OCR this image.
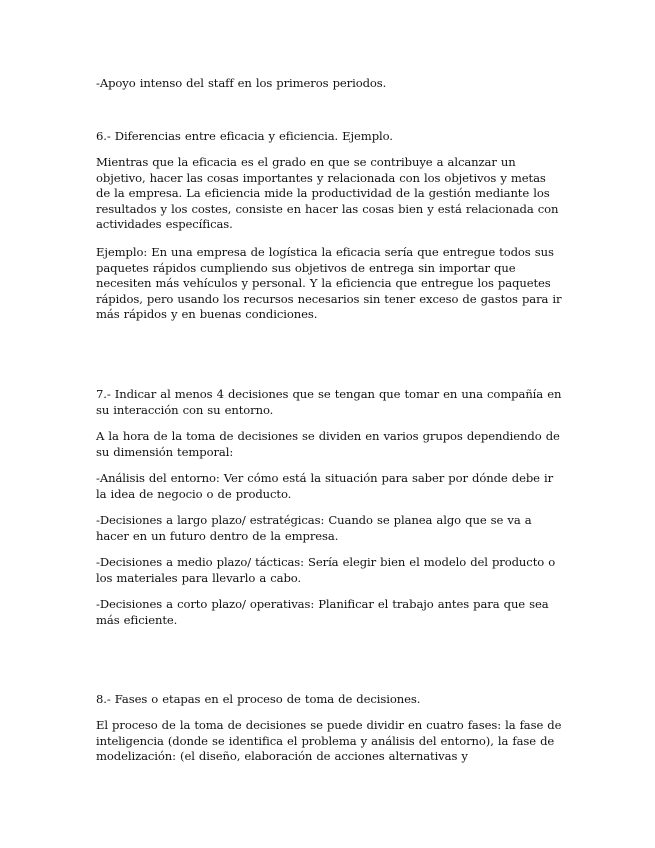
-Apoyo intenso del staff en los primeros periodos.

6.- Diferencias entre eficacia y eficiencia. Ejemplo.

Mientras que la eficacia es el grado en que se contribuye a alcanzar un objetivo, hacer las cosas importantes y relacionada con los objetivos y metas de la empresa. La eficiencia mide la productividad de la gestión mediante los resultados y los costes, consiste en hacer las cosas bien y está relacionada con actividades específicas.

Ejemplo: En una empresa de logística la eficacia sería que entregue todos sus paquetes rápidos cumpliendo sus objetivos de entrega sin importar que necesiten más vehículos y personal. Y la eficiencia que entregue los paquetes rápidos, pero usando los recursos necesarios sin tener exceso de gastos para ir más rápidos y en buenas condiciones.

7.- Indicar al menos 4 decisiones que se tengan que tomar en una compañía en su interacción con su entorno.

A la hora de la toma de decisiones se dividen en varios grupos dependiendo de su dimensión temporal:

-Análisis del entorno: Ver cómo está la situación para saber por dónde debe ir la idea de negocio o de producto.

-Decisiones a largo plazo/ estratégicas: Cuando se planea algo que se va a hacer en un futuro dentro de la empresa.

-Decisiones a medio plazo/ tácticas: Sería elegir bien el modelo del producto o los materiales para llevarlo a cabo.

-Decisiones a corto plazo/ operativas: Planificar el trabajo antes para que sea más eficiente.

8.- Fases o etapas en el proceso de toma de decisiones.

El proceso de la toma de decisiones se puede dividir en cuatro fases: la fase de inteligencia (donde se identifica el problema y análisis del entorno), la fase de modelización: (el diseño, elaboración de acciones alternativas y
